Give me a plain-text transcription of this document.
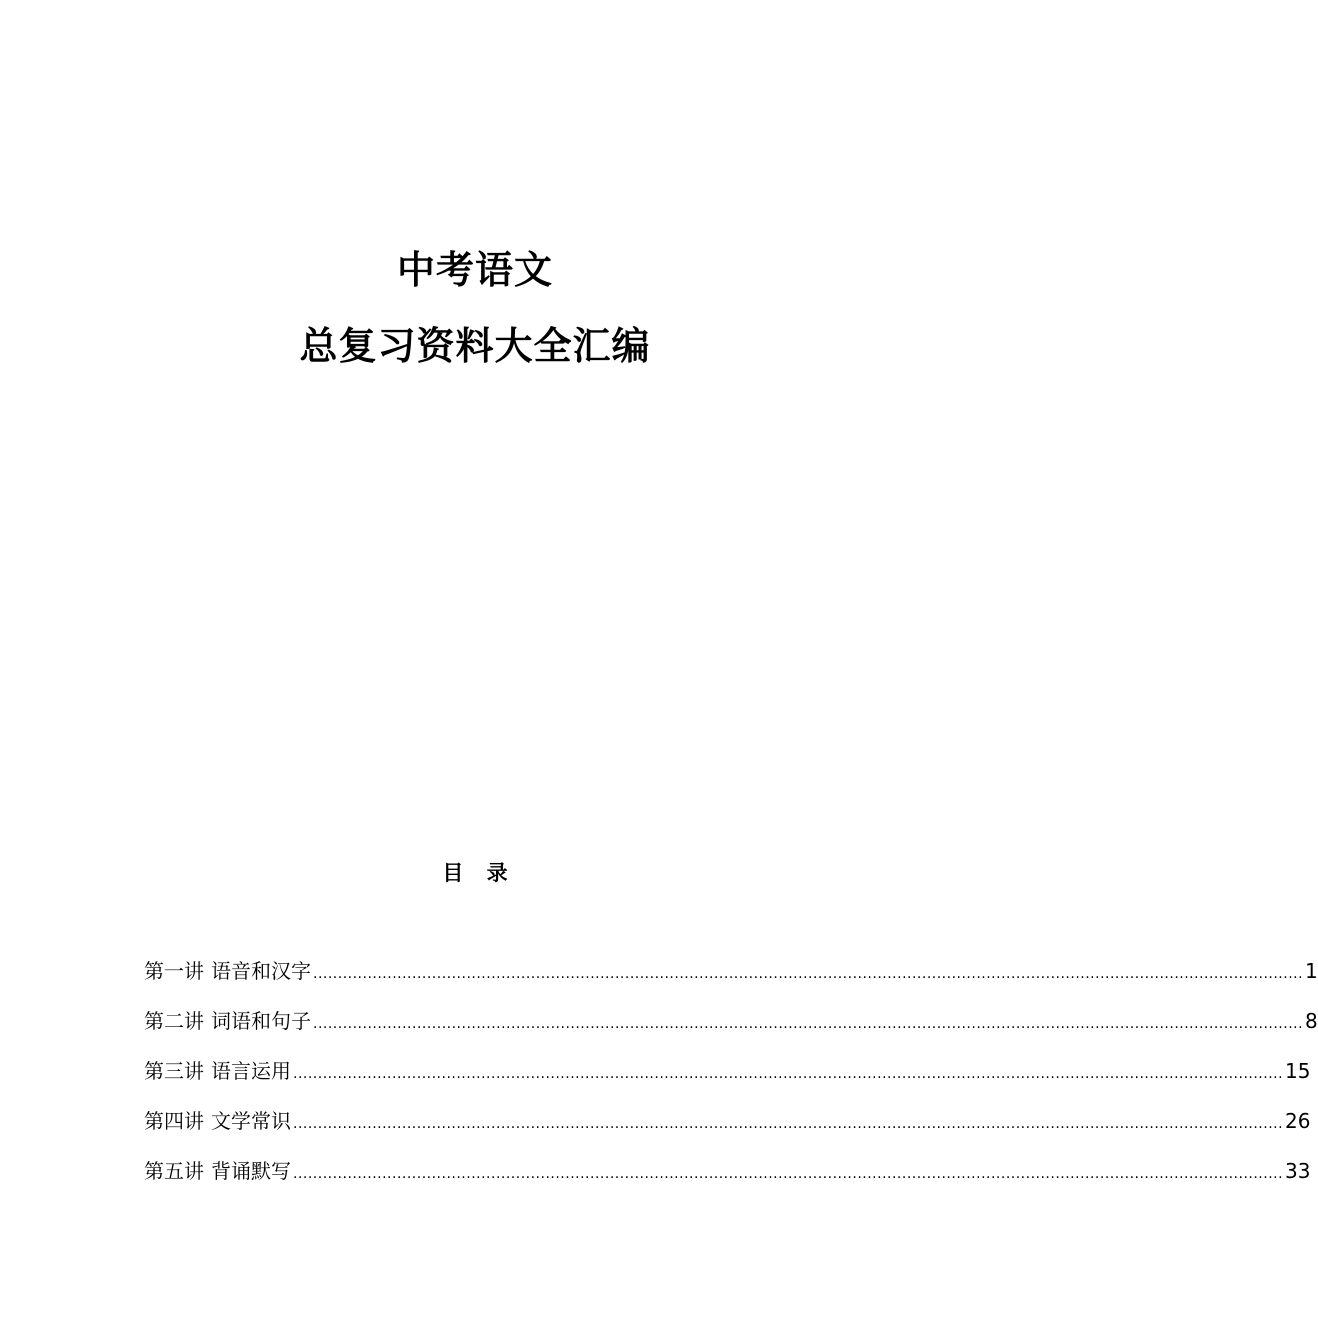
中考语文
总复习资料大全汇编
目 录
第一讲 语音和汉字 ........................................................................................................................................................................................................ 1
第二讲 词语和句子 ........................................................................................................................................................................................................ 8
第三讲 语言运用 ........................................................................................................................................................................................................ 15
第四讲 文学常识 ........................................................................................................................................................................................................ 26
第五讲 背诵默写 ........................................................................................................................................................................................................ 33
